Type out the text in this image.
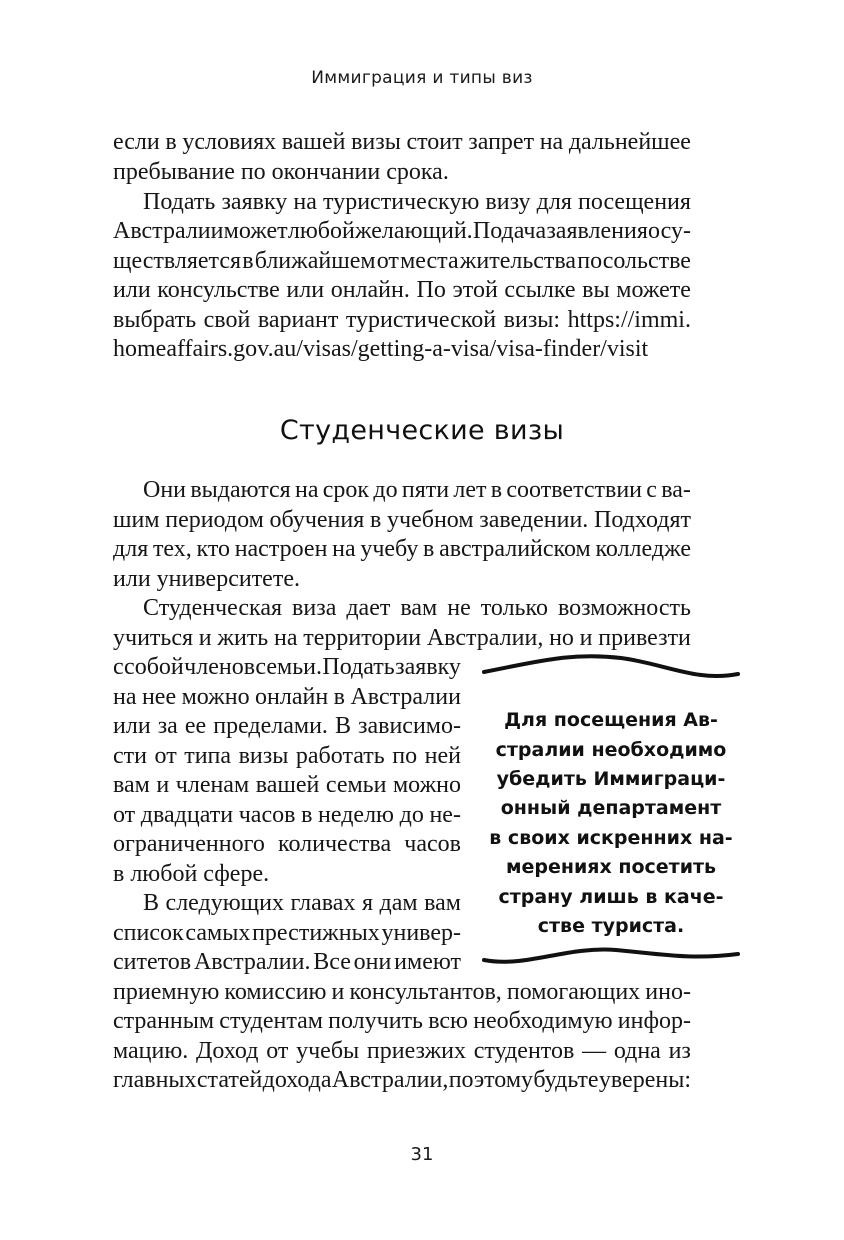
Иммиграция и типы виз
если в условиях вашей визы стоит запрет на дальнейшее
пребывание по окончании срока.
Подать заявку на туристическую визу для посещения
Австралии может любой желающий. Подача заявления осу-
ществляется в ближайшем от места жительства посольстве
или консульстве или онлайн. По этой ссылке вы можете
выбрать свой вариант туристической визы: https://immi.
homeaffairs.gov.au/visas/getting-a-visa/visa-finder/visit
Студенческие визы
Они выдаются на срок до пяти лет в соответствии с ва-
шим периодом обучения в учебном заведении. Подходят
для тех, кто настроен на учебу в австралийском колледже
или университете.
Студенческая виза дает вам не только возможность
учиться и жить на территории Австралии, но и привезти
с собой членов семьи. Подать заявку
на нее можно онлайн в Австралии
или за ее пределами. В зависимо-
сти от типа визы работать по ней
вам и членам вашей семьи можно
от двадцати часов в неделю до не-
ограниченного количества часов
в любой сфере.
В следующих главах я дам вам
список самых престижных универ-
ситетов Австралии. Все они имеют
приемную комиссию и консультантов, помогающих ино-
странным студентам получить всю необходимую инфор-
мацию. Доход от учебы приезжих студентов — одна из
главных статей дохода Австралии, поэтому будьте уверены:
Для посещения Ав-
стралии необходимо
убедить Иммиграци-
онный департамент
в своих искренних на-
мерениях посетить
страну лишь в каче-
стве туриста.
31
